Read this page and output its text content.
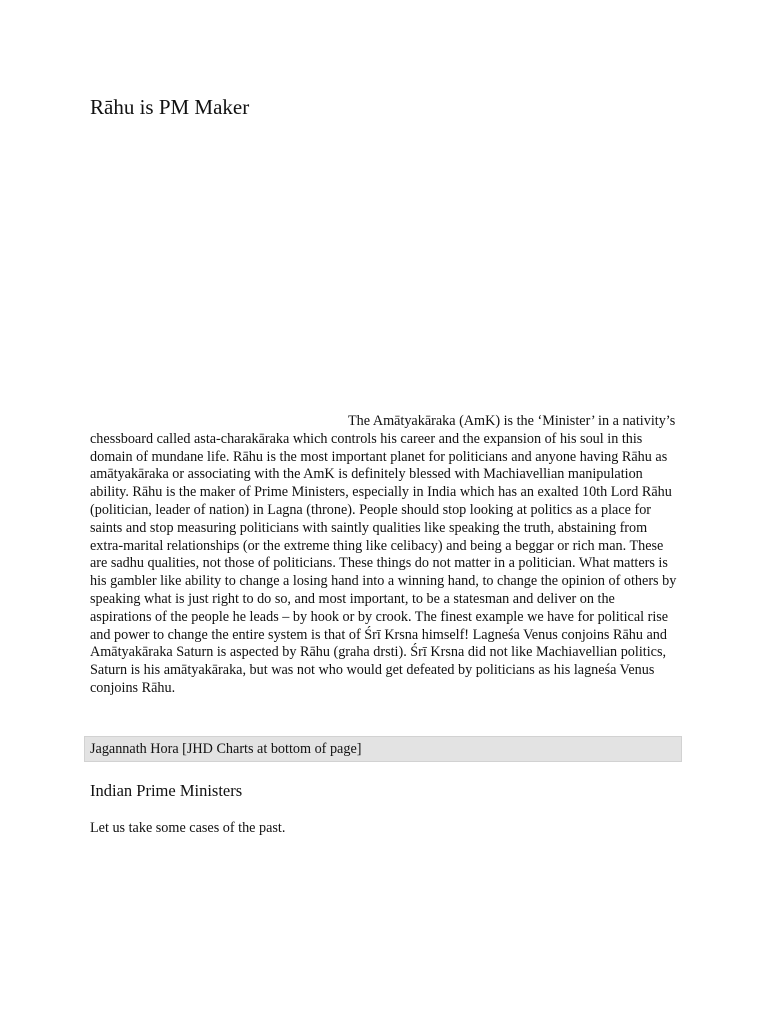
Rāhu is PM Maker

The Amātyakāraka (AmK) is the ‘Minister’ in a nativity’s chessboard called asta-charakāraka which controls his career and the expansion of his soul in this domain of mundane life. Rāhu is the most important planet for politicians and anyone having Rāhu as amātyakāraka or associating with the AmK is definitely blessed with Machiavellian manipulation ability. Rāhu is the maker of Prime Ministers, especially in India which has an exalted 10th Lord Rāhu (politician, leader of nation) in Lagna (throne). People should stop looking at politics as a place for saints and stop measuring politicians with saintly qualities like speaking the truth, abstaining from extra-marital relationships (or the extreme thing like celibacy) and being a beggar or rich man. These are sadhu qualities, not those of politicians. These things do not matter in a politician. What matters is his gambler like ability to change a losing hand into a winning hand, to change the opinion of others by speaking what is just right to do so, and most important, to be a statesman and deliver on the aspirations of the people he leads – by hook or by crook. The finest example we have for political rise and power to change the entire system is that of Śrī Krsna himself! Lagneśa Venus conjoins Rāhu and Amātyakāraka Saturn is aspected by Rāhu (graha drsti). Śrī Krsna did not like Machiavellian politics, Saturn is his amātyakāraka, but was not who would get defeated by politicians as his lagneśa Venus conjoins Rāhu.

Jagannath Hora [JHD Charts at bottom of page]
Indian Prime Ministers

Let us take some cases of the past.
